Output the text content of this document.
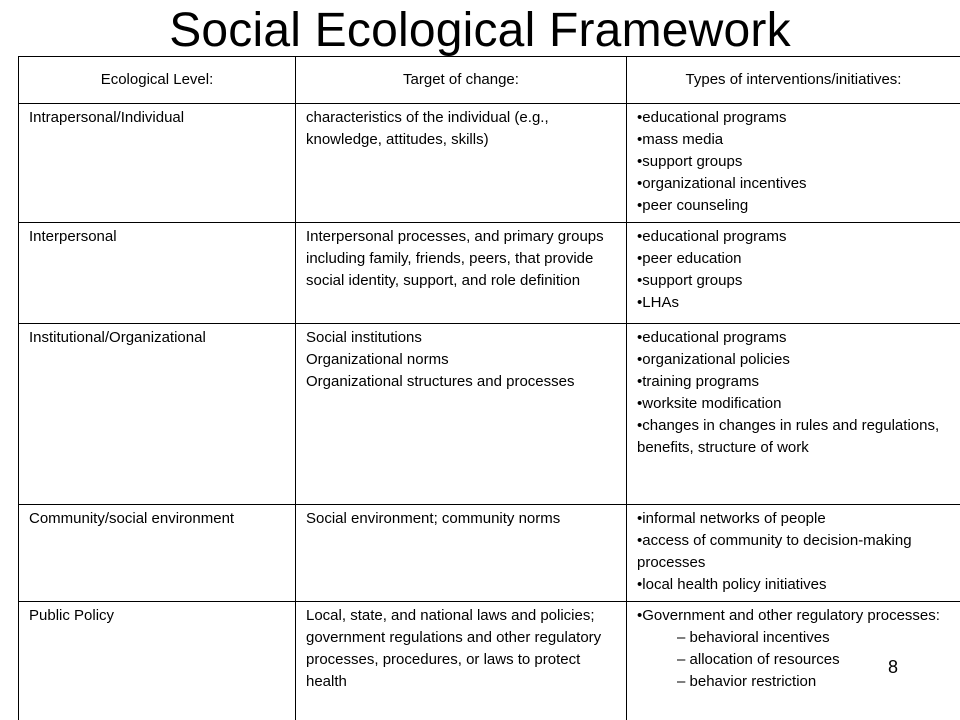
Social Ecological Framework
Ecological Level:	Target of change:	Types of interventions/initiatives:
Intrapersonal/Individual	characteristics of the individual (e.g., knowledge, attitudes, skills)	• educational programs
• mass media
• support groups
• organizational incentives
• peer counseling

Interpersonal	Interpersonal processes, and primary groups including family, friends, peers, that provide social identity, support, and role definition	• educational programs
• peer education
• support groups
• LHAs

Institutional/Organizational	Social institutions
Organizational norms
Organizational structures and processes	• educational programs
• organizational policies
• training programs
• worksite modification
• changes in changes in rules and regulations, benefits, structure of work

Community/social environment	Social environment; community norms	• informal networks of people
• access of community to decision-making processes
• local health policy initiatives

Public Policy	Local, state, and national laws and policies; government regulations and other regulatory processes, procedures, or laws to protect health	• Government and other regulatory processes:
– behavioral incentives
– allocation of resources
– behavior restriction
8
